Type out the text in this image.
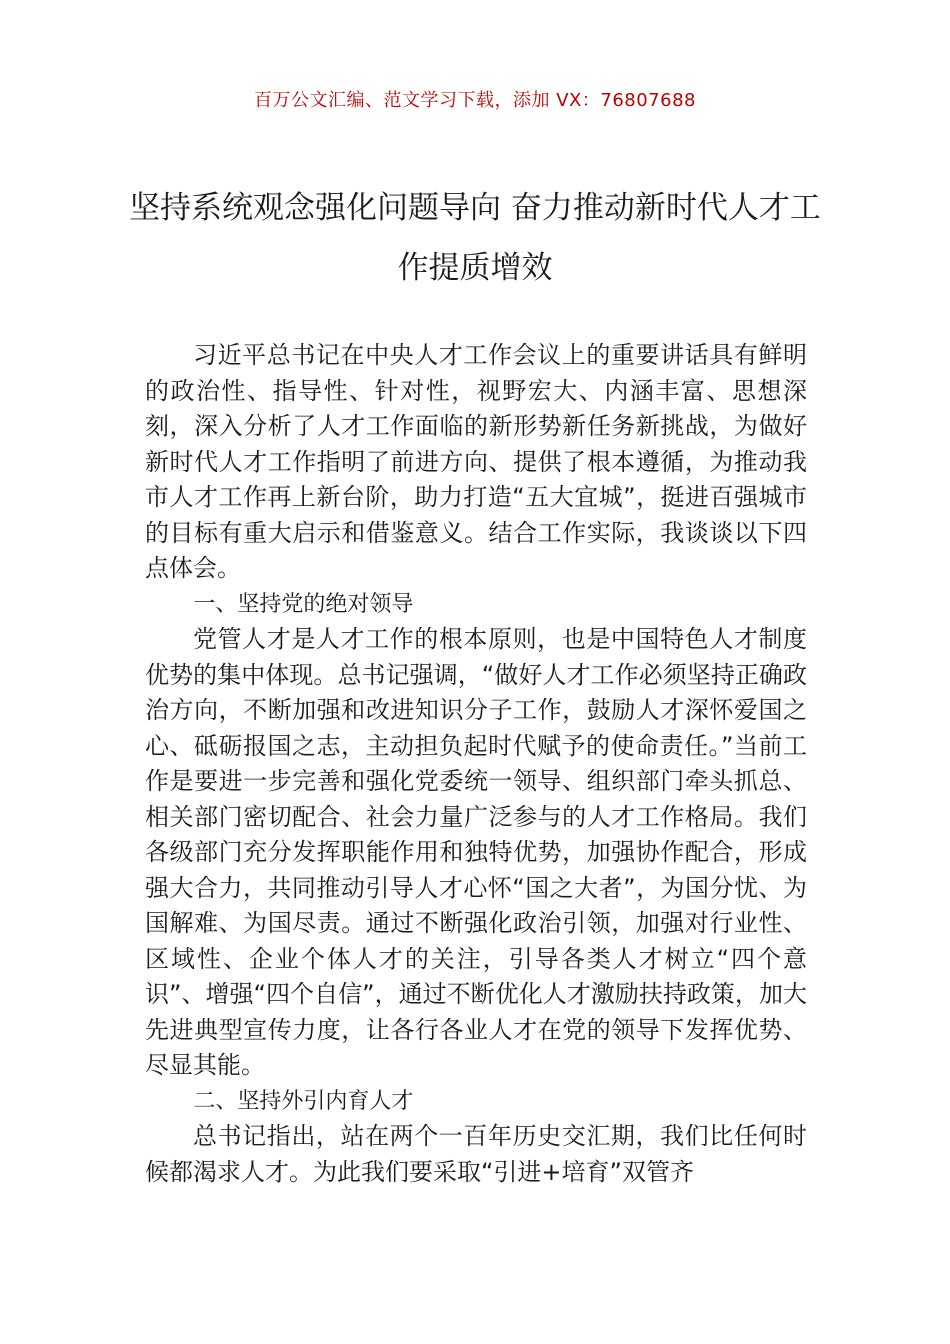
百万公文汇编、范文学习下载，添加 VX：76807688
坚持系统观念强化问题导向 奋力推动新时代人才工作提质增效

习近平总书记在中央人才工作会议上的重要讲话具有鲜明的政治性、指导性、针对性，视野宏大、内涵丰富、思想深刻，深入分析了人才工作面临的新形势新任务新挑战，为做好新时代人才工作指明了前进方向、提供了根本遵循，为推动我市人才工作再上新台阶，助力打造“五大宜城”，挺进百强城市的目标有重大启示和借鉴意义。结合工作实际，我谈谈以下四点体会。

一、坚持党的绝对领导

党管人才是人才工作的根本原则，也是中国特色人才制度优势的集中体现。总书记强调，“做好人才工作必须坚持正确政治方向，不断加强和改进知识分子工作，鼓励人才深怀爱国之心、砥砺报国之志，主动担负起时代赋予的使命责任。”当前工作是要进一步完善和强化党委统一领导、组织部门牵头抓总、相关部门密切配合、社会力量广泛参与的人才工作格局。我们各级部门充分发挥职能作用和独特优势，加强协作配合，形成强大合力，共同推动引导人才心怀“国之大者”，为国分忧、为国解难、为国尽责。通过不断强化政治引领，加强对行业性、区域性、企业个体人才的关注，引导各类人才树立“四个意识”、增强“四个自信”，通过不断优化人才激励扶持政策，加大先进典型宣传力度，让各行各业人才在党的领导下发挥优势、尽显其能。

二、坚持外引内育人才

总书记指出，站在两个一百年历史交汇期，我们比任何时候都渴求人才。为此我们要采取“引进+培育”双管齐
